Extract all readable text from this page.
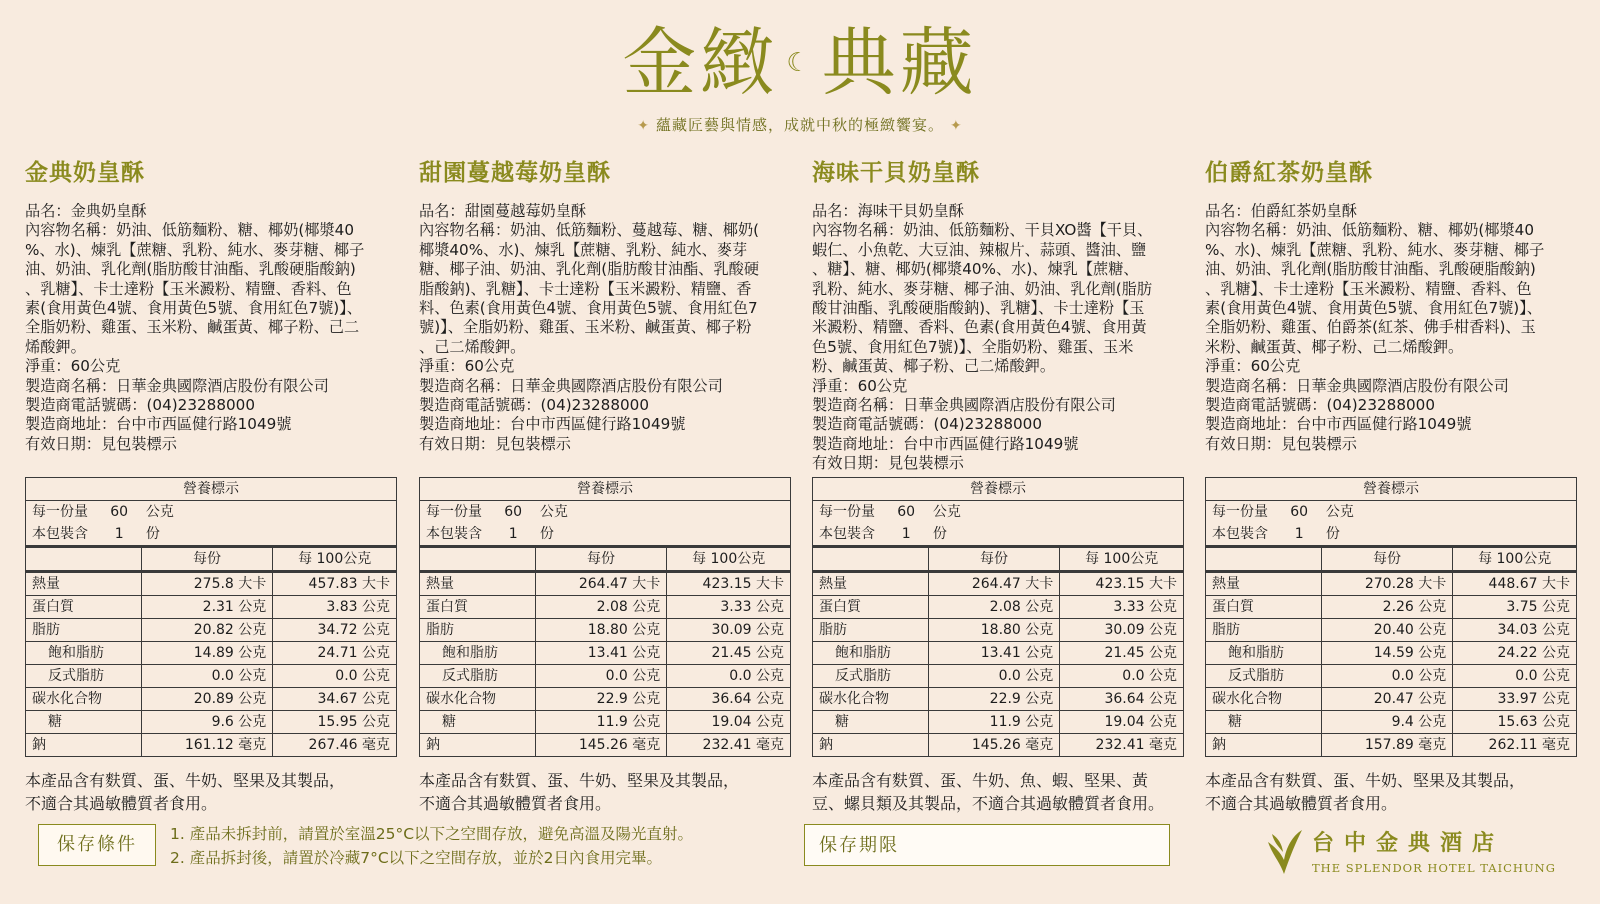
金緻 ☾ 典藏
✦ 蘊藏匠藝與情感，成就中秋的極緻饗宴。 ✦
金典奶皇酥

品名：金典奶皇酥

內容物名稱：奶油、低筋麵粉、糖、椰奶(椰漿40

%、水)、煉乳【蔗糖、乳粉、純水、麥芽糖、椰子

油、奶油、乳化劑(脂肪酸甘油酯、乳酸硬脂酸鈉)

、乳糖】、卡士達粉【玉米澱粉、精鹽、香料、色

素(食用黃色4號、食用黃色5號、食用紅色7號)】、

全脂奶粉、雞蛋、玉米粉、鹹蛋黃、椰子粉、己二

烯酸鉀。

淨重：60公克

製造商名稱：日華金典國際酒店股份有限公司

製造商電話號碼：(04)23288000

製造商地址：台中市西區健行路1049號

有效日期：見包裝標示

甜園蔓越莓奶皇酥

品名：甜園蔓越莓奶皇酥

內容物名稱：奶油、低筋麵粉、蔓越莓、糖、椰奶(

椰漿40%、水)、煉乳【蔗糖、乳粉、純水、麥芽

糖、椰子油、奶油、乳化劑(脂肪酸甘油酯、乳酸硬

脂酸鈉)、乳糖】、卡士達粉【玉米澱粉、精鹽、香

料、色素(食用黃色4號、食用黃色5號、食用紅色7

號)】、全脂奶粉、雞蛋、玉米粉、鹹蛋黃、椰子粉

、己二烯酸鉀。

淨重：60公克

製造商名稱：日華金典國際酒店股份有限公司

製造商電話號碼：(04)23288000

製造商地址：台中市西區健行路1049號

有效日期：見包裝標示

海味干貝奶皇酥

品名：海味干貝奶皇酥

內容物名稱：奶油、低筋麵粉、干貝XO醬【干貝、

蝦仁、小魚乾、大豆油、辣椒片、蒜頭、醬油、鹽

、糖】、糖、椰奶(椰漿40%、水)、煉乳【蔗糖、

乳粉、純水、麥芽糖、椰子油、奶油、乳化劑(脂肪

酸甘油酯、乳酸硬脂酸鈉)、乳糖】、卡士達粉【玉

米澱粉、精鹽、香料、色素(食用黃色4號、食用黃

色5號、食用紅色7號)】、全脂奶粉、雞蛋、玉米

粉、鹹蛋黃、椰子粉、己二烯酸鉀。

淨重：60公克

製造商名稱：日華金典國際酒店股份有限公司

製造商電話號碼：(04)23288000

製造商地址：台中市西區健行路1049號

有效日期：見包裝標示

伯爵紅茶奶皇酥

品名：伯爵紅茶奶皇酥

內容物名稱：奶油、低筋麵粉、糖、椰奶(椰漿40

%、水)、煉乳【蔗糖、乳粉、純水、麥芽糖、椰子

油、奶油、乳化劑(脂肪酸甘油酯、乳酸硬脂酸鈉)

、乳糖】、卡士達粉【玉米澱粉、精鹽、香料、色

素(食用黃色4號、食用黃色5號、食用紅色7號)】、

全脂奶粉、雞蛋、伯爵茶(紅茶、佛手柑香料)、玉

米粉、鹹蛋黃、椰子粉、己二烯酸鉀。

淨重：60公克

製造商名稱：日華金典國際酒店股份有限公司

製造商電話號碼：(04)23288000

製造商地址：台中市西區健行路1049號

有效日期：見包裝標示

營養標示		
每一份量 60 公克		
本包裝含 1 份		
	每份	每 100公克
熱量	275.8 大卡	457.83 大卡
蛋白質	2.31 公克	3.83 公克
脂肪	20.82 公克	34.72 公克
飽和脂肪	14.89 公克	24.71 公克
反式脂肪	0.0 公克	0.0 公克
碳水化合物	20.89 公克	34.67 公克
糖	9.6 公克	15.95 公克
鈉	161.12 毫克	267.46 毫克
營養標示		
每一份量 60 公克		
本包裝含 1 份		
	每份	每 100公克
熱量	264.47 大卡	423.15 大卡
蛋白質	2.08 公克	3.33 公克
脂肪	18.80 公克	30.09 公克
飽和脂肪	13.41 公克	21.45 公克
反式脂肪	0.0 公克	0.0 公克
碳水化合物	22.9 公克	36.64 公克
糖	11.9 公克	19.04 公克
鈉	145.26 毫克	232.41 毫克
營養標示		
每一份量 60 公克		
本包裝含 1 份		
	每份	每 100公克
熱量	264.47 大卡	423.15 大卡
蛋白質	2.08 公克	3.33 公克
脂肪	18.80 公克	30.09 公克
飽和脂肪	13.41 公克	21.45 公克
反式脂肪	0.0 公克	0.0 公克
碳水化合物	22.9 公克	36.64 公克
糖	11.9 公克	19.04 公克
鈉	145.26 毫克	232.41 毫克
營養標示		
每一份量 60 公克		
本包裝含 1 份		
	每份	每 100公克
熱量	270.28 大卡	448.67 大卡
蛋白質	2.26 公克	3.75 公克
脂肪	20.40 公克	34.03 公克
飽和脂肪	14.59 公克	24.22 公克
反式脂肪	0.0 公克	0.0 公克
碳水化合物	20.47 公克	33.97 公克
糖	9.4 公克	15.63 公克
鈉	157.89 毫克	262.11 毫克
本產品含有麩質、蛋、牛奶、堅果及其製品，
不適合其過敏體質者食用。
本產品含有麩質、蛋、牛奶、堅果及其製品，
不適合其過敏體質者食用。
本產品含有麩質、蛋、牛奶、魚、蝦、堅果、黃
豆、螺貝類及其製品，不適合其過敏體質者食用。
本產品含有麩質、蛋、牛奶、堅果及其製品，
不適合其過敏體質者食用。
保存條件	1. 產品未拆封前，請置於室溫25°C以下之空間存放，避免高溫及陽光直射。
2. 產品拆封後，請置於冷藏7°C以下之空間存放，並於2日內食用完畢。
保存期限	台中金典酒店
THE SPLENDOR HOTEL TAICHUNG
